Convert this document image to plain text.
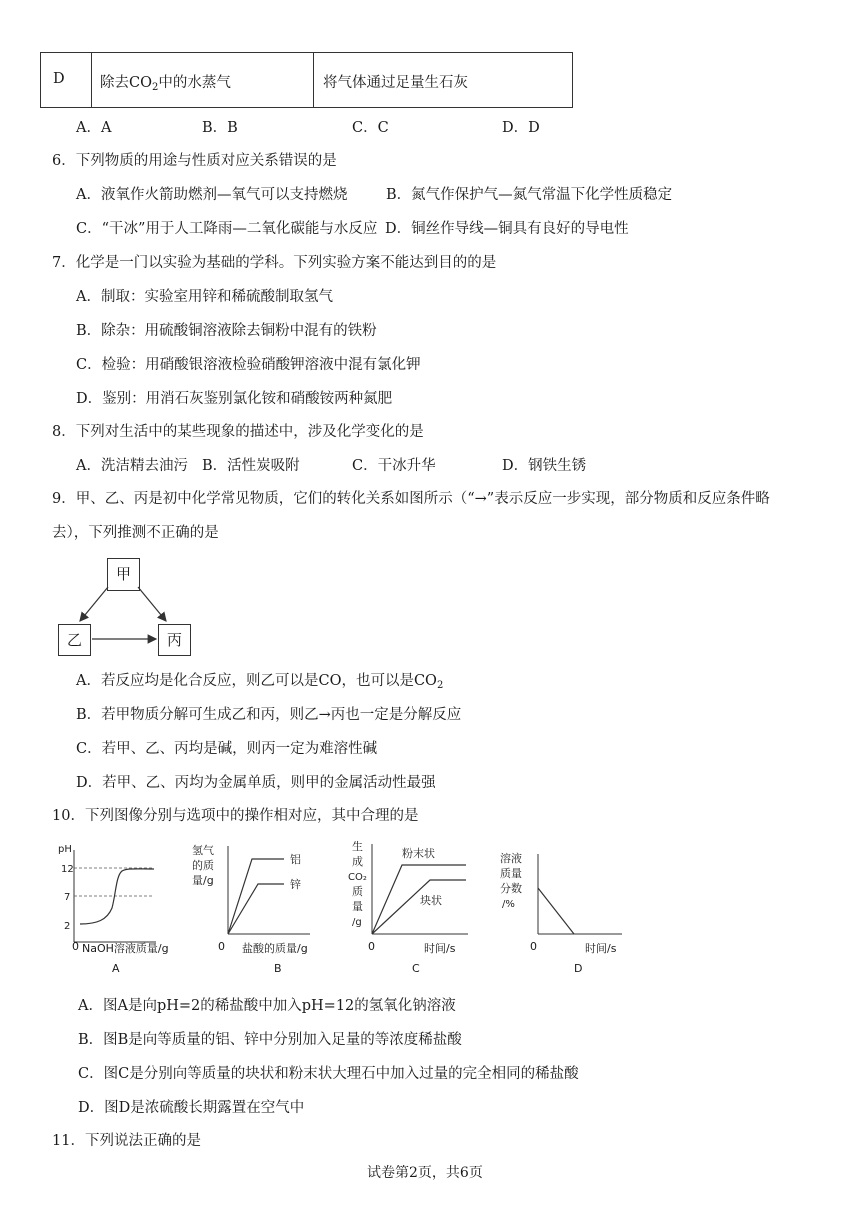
D 除去$CO_2$中的水蒸气	将气体通过足量生石灰
A．A	B．B	C．C	D．D
6．下列物质的用途与性质对应关系错误的是
A．液氧作火箭助燃剂—氧气可以支持燃烧	B．氮气作保护气—氮气常温下化学性质稳定
C．“干冰”用于人工降雨—二氧化碳能与水反应 D．铜丝作导线—铜具有良好的导电性
7．化学是一门以实验为基础的学科。下列实验方案不能达到目的的是
A．制取：实验室用锌和稀硫酸制取氢气
B．除杂：用硫酸铜溶液除去铜粉中混有的铁粉
C．检验：用硝酸银溶液检验硝酸钾溶液中混有氯化钾
D．鉴别：用消石灰鉴别氯化铵和硝酸铵两种氮肥
8．下列对生活中的某些现象的描述中，涉及化学变化的是
A．洗洁精去油污 B．活性炭吸附	C．干冰升华	D．钢铁生锈
9．甲、乙、丙是初中化学常见物质，它们的转化关系如图所示（“→”表示反应一步实现，部分物质和反应条件略
去），下列推测不正确的是
甲
乙	丙
A．若反应均是化合反应，则乙可以是CO，也可以是$CO_2$
B．若甲物质分解可生成乙和丙，则乙→丙也一定是分解反应
C．若甲、乙、丙均是碱，则丙一定为难溶性碱
D．若甲、乙、丙均为金属单质，则甲的金属活动性最强
10．下列图像分别与选项中的操作相对应，其中合理的是
pH
12
7
2
0 NaOH溶液质量/g
A
氢气
的质
量/g
铝
锌
0 盐酸的质量/g
B
生
成
CO₂
质
量
/g
粉末状
块状
0	时间/s
C
溶液
质量
分数
/%
0	时间/s
D
A．图A是向pH=2的稀盐酸中加入pH=12的氢氧化钠溶液
B．图B是向等质量的铝、锌中分别加入足量的等浓度稀盐酸
C．图C是分别向等质量的块状和粉末状大理石中加入过量的完全相同的稀盐酸
D．图D是浓硫酸长期露置在空气中
11．下列说法正确的是
试卷第2页，共6页
